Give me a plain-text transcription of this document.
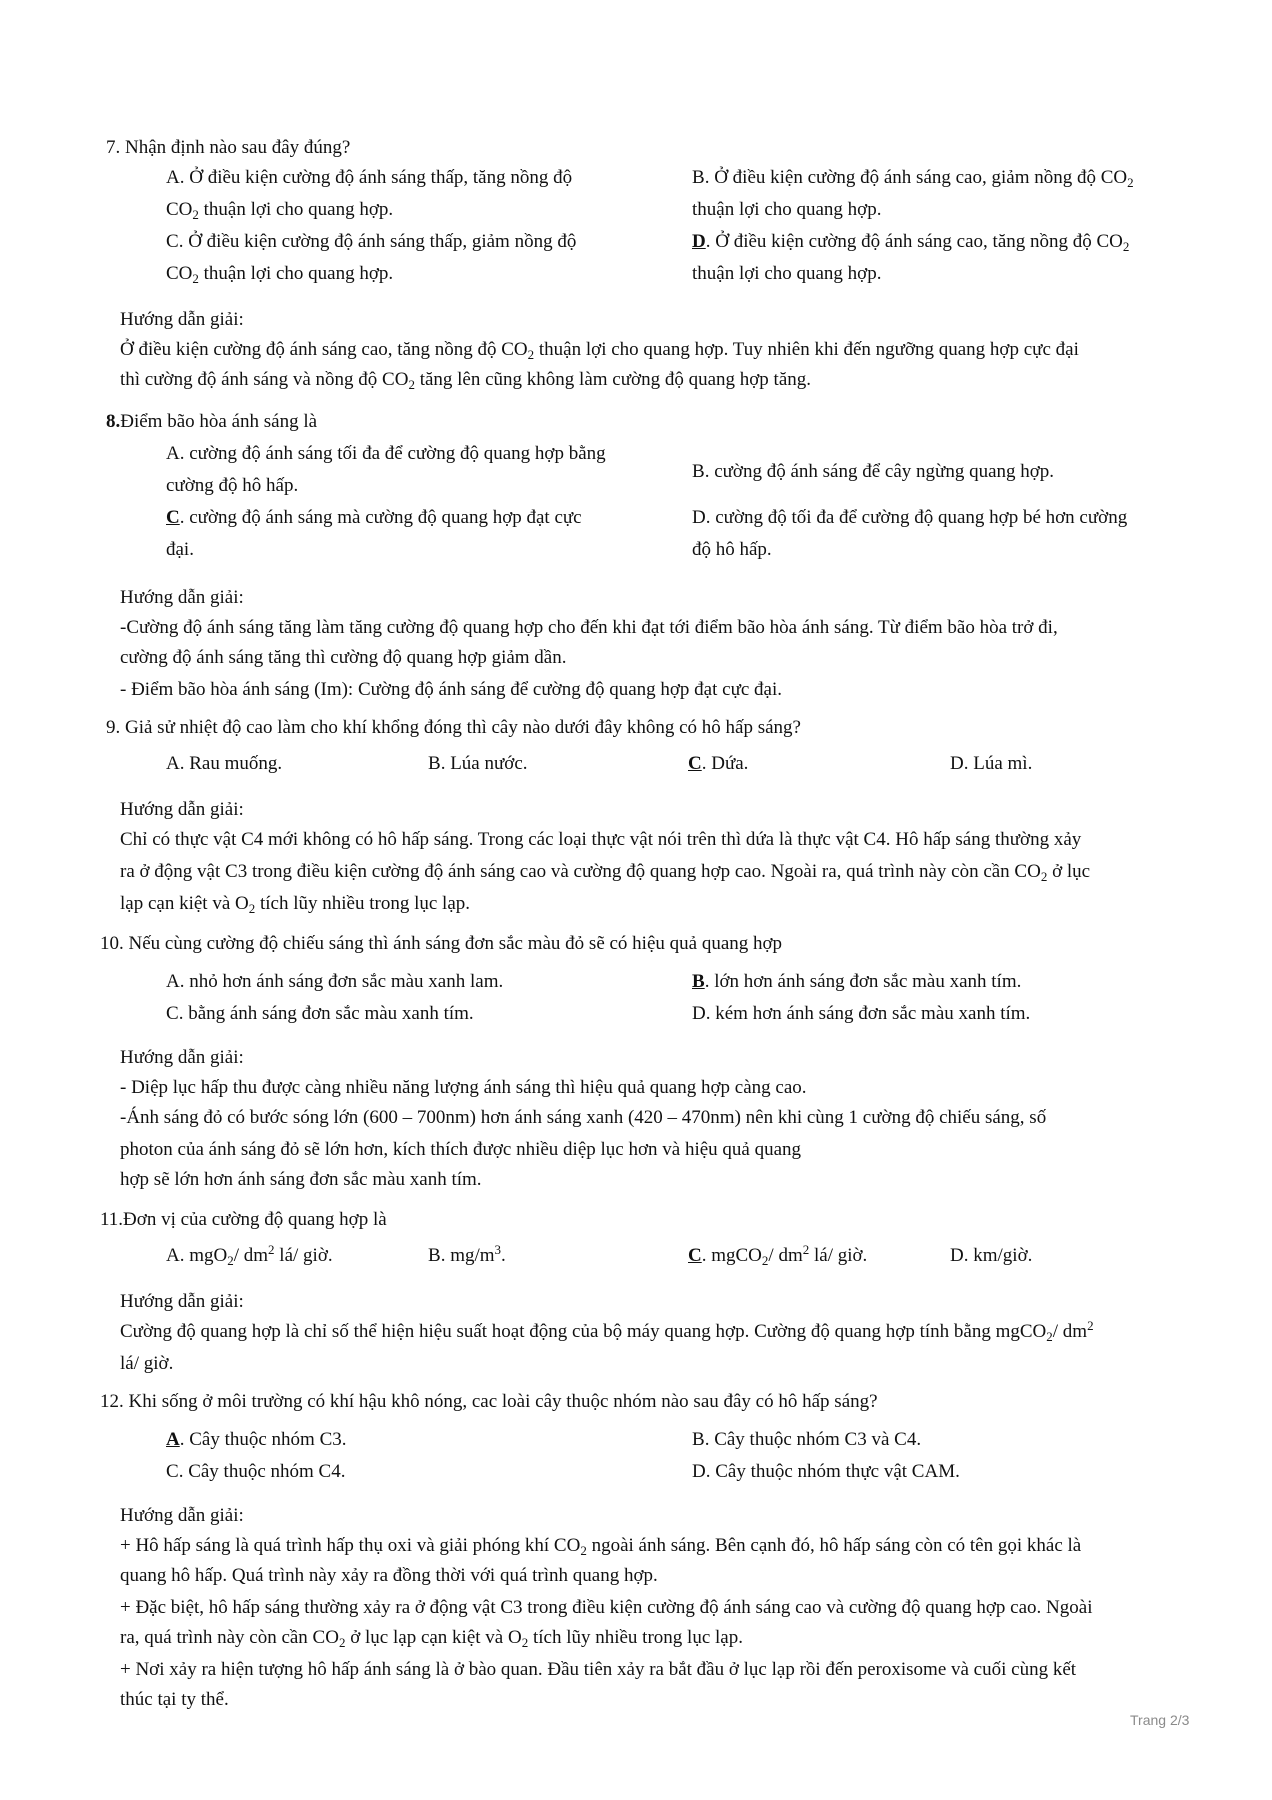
7. Nhận định nào sau đây đúng?
A. Ở điều kiện cường độ ánh sáng thấp, tăng nồng độ
$CO_2$ thuận lợi cho quang hợp.
C. Ở điều kiện cường độ ánh sáng thấp, giảm nồng độ
$CO_2$ thuận lợi cho quang hợp.
B. Ở điều kiện cường độ ánh sáng cao, giảm nồng độ $CO_2$
thuận lợi cho quang hợp.
D. Ở điều kiện cường độ ánh sáng cao, tăng nồng độ $CO_2$
thuận lợi cho quang hợp.
Hướng dẫn giải:
Ở điều kiện cường độ ánh sáng cao, tăng nồng độ $CO_2$ thuận lợi cho quang hợp. Tuy nhiên khi đến ngưỡng quang hợp cực đại
thì cường độ ánh sáng và nồng độ $CO_2$ tăng lên cũng không làm cường độ quang hợp tăng.
8.Điểm bão hòa ánh sáng là
A. cường độ ánh sáng tối đa để cường độ quang hợp bằng
cường độ hô hấp.
B. cường độ ánh sáng để cây ngừng quang hợp.
C. cường độ ánh sáng mà cường độ quang hợp đạt cực
đại.
D. cường độ tối đa để cường độ quang hợp bé hơn cường
độ hô hấp.
Hướng dẫn giải:
-Cường độ ánh sáng tăng làm tăng cường độ quang hợp cho đến khi đạt tới điểm bão hòa ánh sáng. Từ điểm bão hòa trở đi,
cường độ ánh sáng tăng thì cường độ quang hợp giảm dần.
- Điểm bão hòa ánh sáng (Im): Cường độ ánh sáng để cường độ quang hợp đạt cực đại.
9. Giả sử nhiệt độ cao làm cho khí khổng đóng thì cây nào dưới đây không có hô hấp sáng?
A. Rau muống.	B. Lúa nước.	C. Dứa.	D. Lúa mì.
Hướng dẫn giải:
Chỉ có thực vật C4 mới không có hô hấp sáng. Trong các loại thực vật nói trên thì dứa là thực vật C4. Hô hấp sáng thường xảy
ra ở động vật C3 trong điều kiện cường độ ánh sáng cao và cường độ quang hợp cao. Ngoài ra, quá trình này còn cần $CO_2$ ở lục
lạp cạn kiệt và $O_2$ tích lũy nhiều trong lục lạp.
10. Nếu cùng cường độ chiếu sáng thì ánh sáng đơn sắc màu đỏ sẽ có hiệu quả quang hợp
A. nhỏ hơn ánh sáng đơn sắc màu xanh lam.	B. lớn hơn ánh sáng đơn sắc màu xanh tím.
C. bằng ánh sáng đơn sắc màu xanh tím.	D. kém hơn ánh sáng đơn sắc màu xanh tím.
Hướng dẫn giải:
- Diệp lục hấp thu được càng nhiều năng lượng ánh sáng thì hiệu quả quang hợp càng cao.
-Ánh sáng đỏ có bước sóng lớn (600 – 700nm) hơn ánh sáng xanh (420 – 470nm) nên khi cùng 1 cường độ chiếu sáng, số
photon của ánh sáng đỏ sẽ lớn hơn, kích thích được nhiều diệp lục hơn và hiệu quả quang
hợp sẽ lớn hơn ánh sáng đơn sắc màu xanh tím.
11.Đơn vị của cường độ quang hợp là
A. mgO$_2$/ $dm^2$ lá/ giờ.	B. $mg/m^3$.	C. mgCO$_2$/ $dm^2$ lá/ giờ.	D. km/giờ.
Hướng dẫn giải:
Cường độ quang hợp là chỉ số thể hiện hiệu suất hoạt động của bộ máy quang hợp. Cường độ quang hợp tính bằng mgCO$_2$/ $dm^2$
lá/ giờ.
12. Khi sống ở môi trường có khí hậu khô nóng, cac loài cây thuộc nhóm nào sau đây có hô hấp sáng?
A. Cây thuộc nhóm C3.	B. Cây thuộc nhóm C3 và C4.
C. Cây thuộc nhóm C4.	D. Cây thuộc nhóm thực vật CAM.
Hướng dẫn giải:
+ Hô hấp sáng là quá trình hấp thụ oxi và giải phóng khí $CO_2$ ngoài ánh sáng. Bên cạnh đó, hô hấp sáng còn có tên gọi khác là
quang hô hấp. Quá trình này xảy ra đồng thời với quá trình quang hợp.
+ Đặc biệt, hô hấp sáng thường xảy ra ở động vật C3 trong điều kiện cường độ ánh sáng cao và cường độ quang hợp cao. Ngoài
ra, quá trình này còn cần $CO_2$ ở lục lạp cạn kiệt và $O_2$ tích lũy nhiều trong lục lạp.
+ Nơi xảy ra hiện tượng hô hấp ánh sáng là ở bào quan. Đầu tiên xảy ra bắt đầu ở lục lạp rồi đến peroxisome và cuối cùng kết
thúc tại ty thể.
Trang 2/3
